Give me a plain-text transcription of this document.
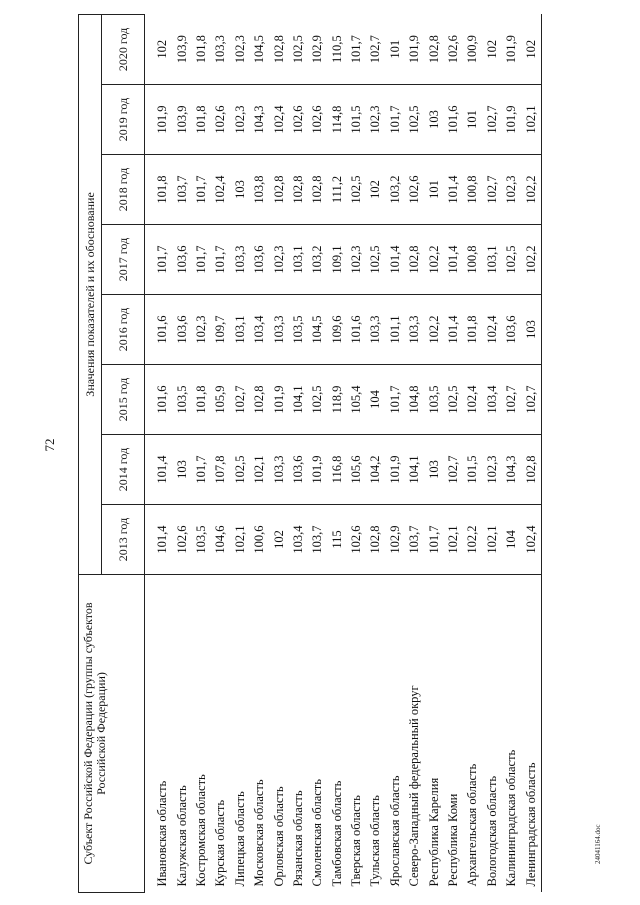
72
24041164.doc
Субъект Российской Федерации (группы субъектов Российской Федерации)	Значения показателей и их обоснование							
	2013 год	2014 год	2015 год	2016 год	2017 год	2018 год	2019 год	2020 год
Ивановская область	101,4	101,4	101,6	101,6	101,7	101,8	101,9	102
Калужская область	102,6	103	103,5	103,6	103,6	103,7	103,9	103,9
Костромская область	103,5	101,7	101,8	102,3	101,7	101,7	101,8	101,8
Курская область	104,6	107,8	105,9	109,7	101,7	102,4	102,6	103,3
Липецкая область	102,1	102,5	102,7	103,1	103,3	103	102,3	102,3
Московская область	100,6	102,1	102,8	103,4	103,6	103,8	104,3	104,5
Орловская область	102	103,3	101,9	103,3	102,3	102,8	102,4	102,8
Рязанская область	103,4	103,6	104,1	103,5	103,1	102,8	102,6	102,5
Смоленская область	103,7	101,9	102,5	104,5	103,2	102,8	102,6	102,9
Тамбовская область	115	116,8	118,9	109,6	109,1	111,2	114,8	110,5
Тверская область	102,6	105,6	105,4	101,6	102,3	102,5	101,5	101,7
Тульская область	102,8	104,2	104	103,3	102,5	102	102,3	102,7
Ярославская область	102,9	101,9	101,7	101,1	101,4	103,2	101,7	101
Северо-Западный федеральный округ	103,7	104,1	104,8	103,3	102,8	102,6	102,5	101,9
Республика Карелия	101,7	103	103,5	102,2	102,2	101	103	102,8
Республика Коми	102,1	102,7	102,5	101,4	101,4	101,4	101,6	102,6
Архангельская область	102,2	101,5	102,4	101,8	100,8	100,8	101	100,9
Вологодская область	102,1	102,3	103,4	102,4	103,1	102,7	102,7	102
Калининградская область	104	104,3	102,7	103,6	102,5	102,3	101,9	101,9
Ленинградская область	102,4	102,8	102,7	103	102,2	102,2	102,1	102
